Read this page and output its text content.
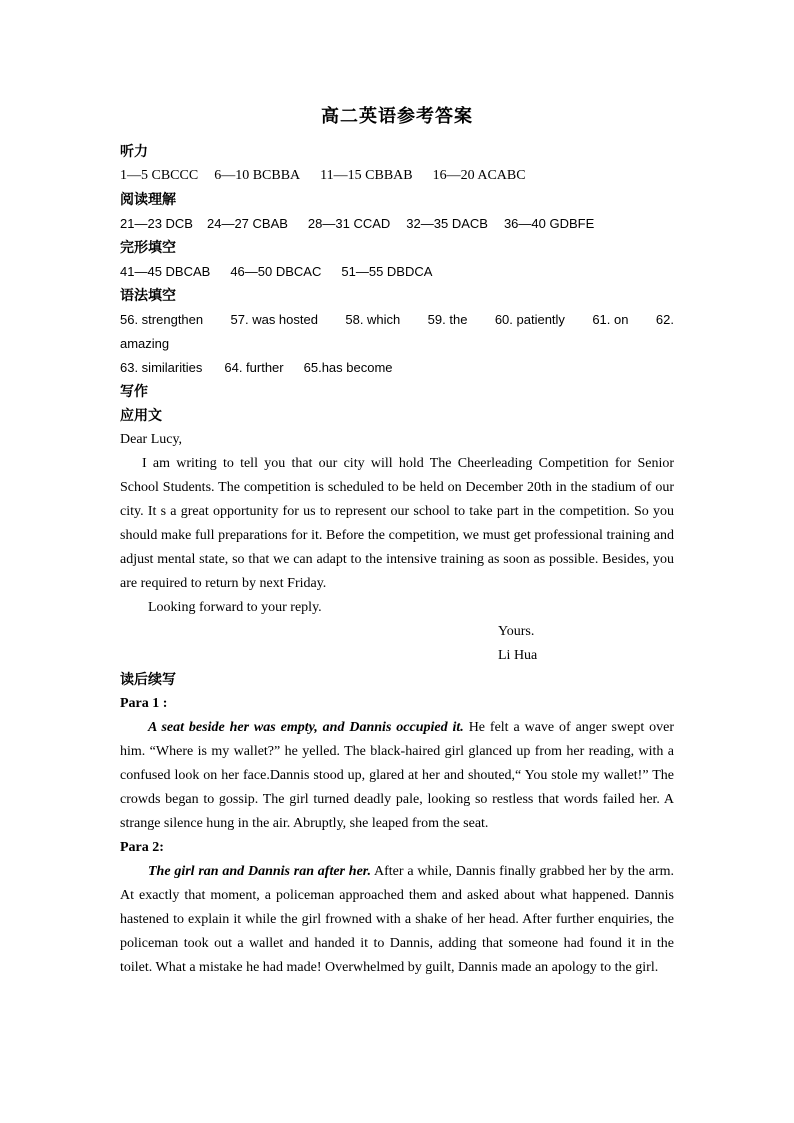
高二英语参考答案
听力
1—5 CBCCC 6—10 BCBBA 11—15 CBBAB 16—20 ACABC
阅读理解
21—23 DCB 24—27 CBAB 28—31 CCAD 32—35 DACB 36—40 GDBFE
完形填空
41—45 DBCAB 46—50 DBCAC 51—55 DBDCA
语法填空
56. strengthen 57. was hosted 58. which 59. the 60. patiently 61. on 62.
amazing
63. similarities 64. further 65.has become
写作
应用文
Dear Lucy,

I am writing to tell you that our city will hold The Cheerleading Competition for Senior School Students. The competition is scheduled to be held on December 20th in the stadium of our city. It s a great opportunity for us to represent our school to take part in the competition. So you should make full preparations for it. Before the competition, we must get professional training and adjust mental state, so that we can adapt to the intensive training as soon as possible. Besides, you are required to return by next Friday.

Looking forward to your reply.
Yours.
Li Hua
读后续写
Para 1 :

A seat beside her was empty, and Dannis occupied it. He felt a wave of anger swept over him. “Where is my wallet?” he yelled. The black-haired girl glanced up from her reading, with a confused look on her face.Dannis stood up, glared at her and shouted,“ You stole my wallet!” The crowds began to gossip. The girl turned deadly pale, looking so restless that words failed her. A strange silence hung in the air. Abruptly, she leaped from the seat.

Para 2:

The girl ran and Dannis ran after her. After a while, Dannis finally grabbed her by the arm. At exactly that moment, a policeman approached them and asked about what happened. Dannis hastened to explain it while the girl frowned with a shake of her head. After further enquiries, the policeman took out a wallet and handed it to Dannis, adding that someone had found it in the toilet. What a mistake he had made! Overwhelmed by guilt, Dannis made an apology to the girl.
